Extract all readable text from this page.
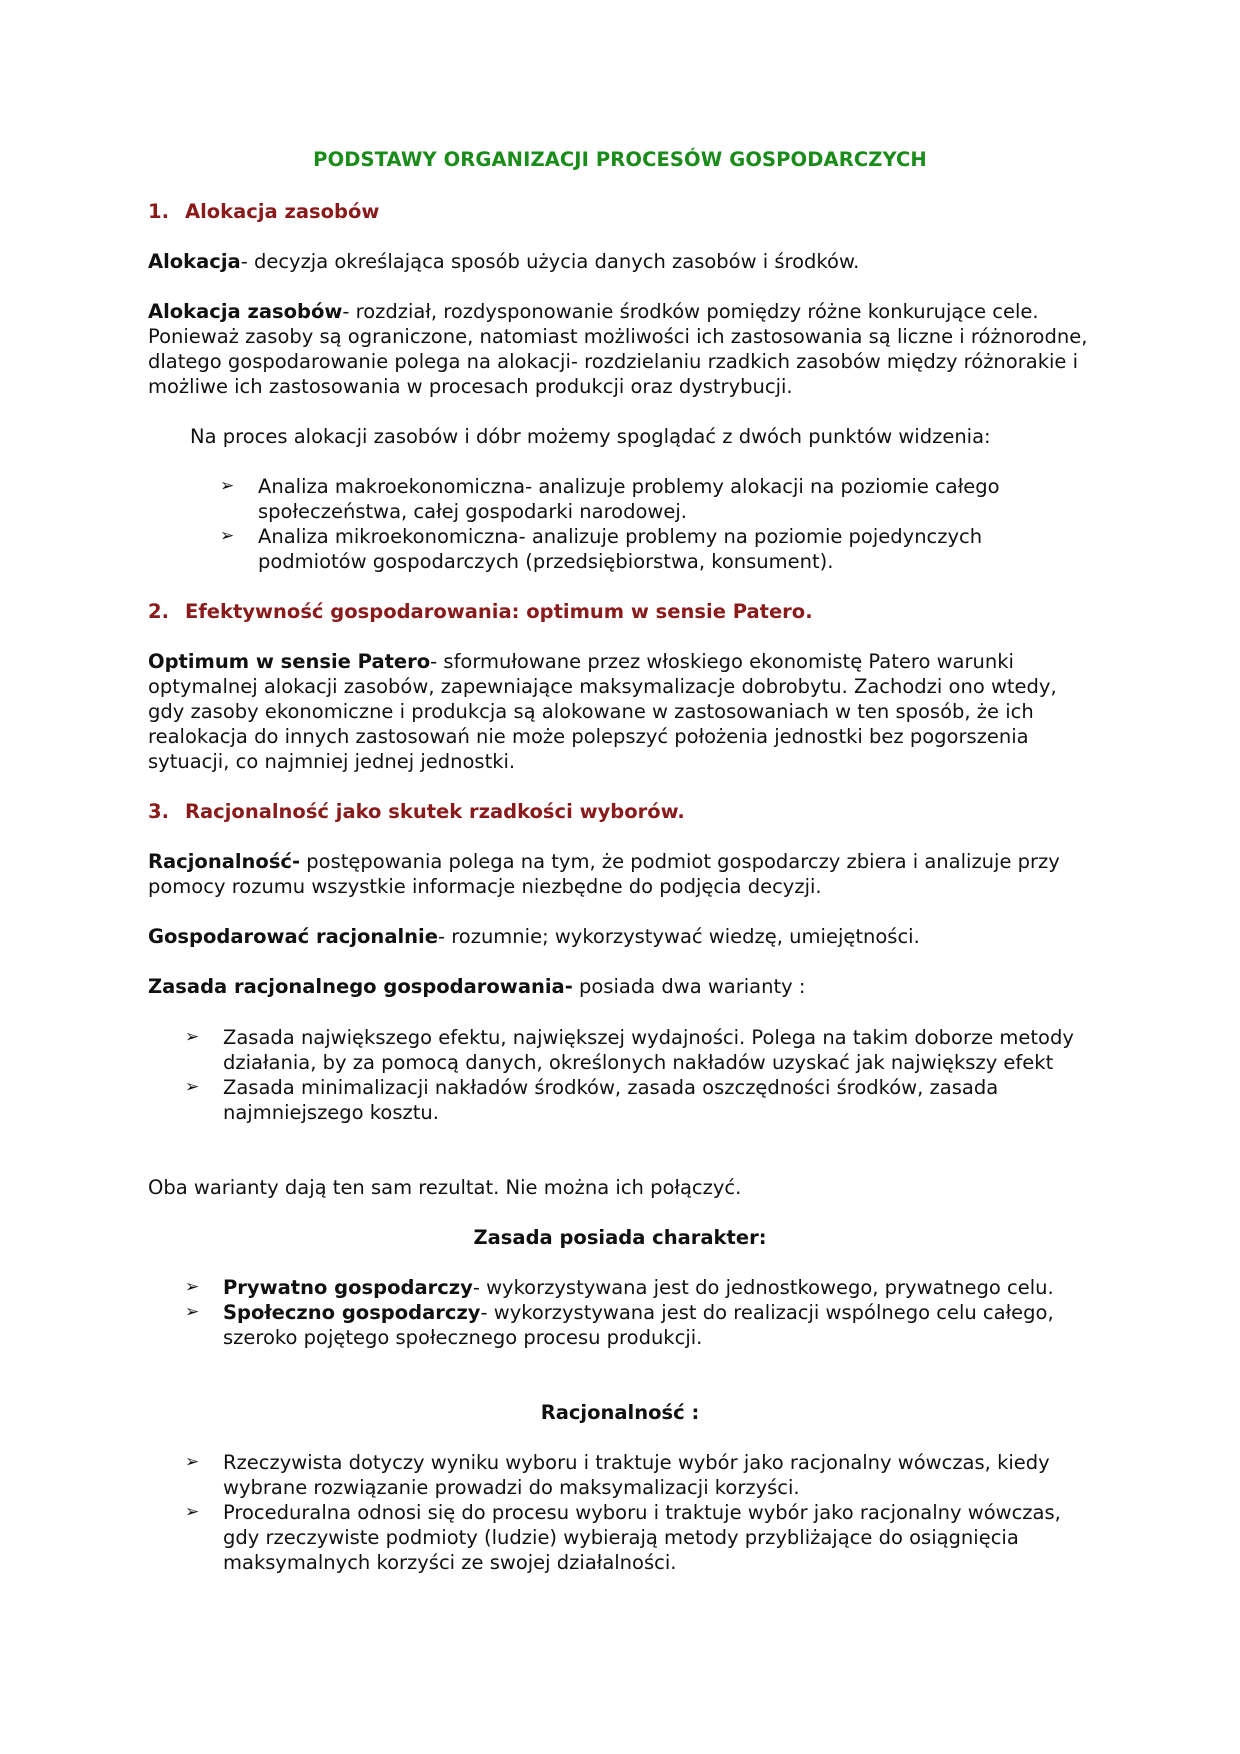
PODSTAWY ORGANIZACJI PROCESÓW GOSPODARCZYCH
1. Alokacja zasobów
Alokacja- decyzja określająca sposób użycia danych zasobów i środków.
Alokacja zasobów- rozdział, rozdysponowanie środków pomiędzy różne konkurujące cele. Ponieważ zasoby są ograniczone, natomiast możliwości ich zastosowania są liczne i różnorodne, dlatego gospodarowanie polega na alokacji- rozdzielaniu rzadkich zasobów między różnorakie i możliwe ich zastosowania w procesach produkcji oraz dystrybucji.
Na proces alokacji zasobów i dóbr możemy spoglądać z dwóch punktów widzenia:
➢ Analiza makroekonomiczna- analizuje problemy alokacji na poziomie całego społeczeństwa, całej gospodarki narodowej.
➢ Analiza mikroekonomiczna- analizuje problemy na poziomie pojedynczych podmiotów gospodarczych (przedsiębiorstwa, konsument).
2. Efektywność gospodarowania: optimum w sensie Patero.
Optimum w sensie Patero- sformułowane przez włoskiego ekonomistę Patero warunki optymalnej alokacji zasobów, zapewniające maksymalizacje dobrobytu. Zachodzi ono wtedy, gdy zasoby ekonomiczne i produkcja są alokowane w zastosowaniach w ten sposób, że ich realokacja do innych zastosowań nie może polepszyć położenia jednostki bez pogorszenia sytuacji, co najmniej jednej jednostki.
3. Racjonalność jako skutek rzadkości wyborów.
Racjonalność- postępowania polega na tym, że podmiot gospodarczy zbiera i analizuje przy pomocy rozumu wszystkie informacje niezbędne do podjęcia decyzji.
Gospodarować racjonalnie- rozumnie; wykorzystywać wiedzę, umiejętności.
Zasada racjonalnego gospodarowania- posiada dwa warianty :
➢ Zasada największego efektu, największej wydajności. Polega na takim doborze metody działania, by za pomocą danych, określonych nakładów uzyskać jak największy efekt
➢ Zasada minimalizacji nakładów środków, zasada oszczędności środków, zasada najmniejszego kosztu.
Oba warianty dają ten sam rezultat. Nie można ich połączyć.
Zasada posiada charakter:
➢ Prywatno gospodarczy- wykorzystywana jest do jednostkowego, prywatnego celu.
➢ Społeczno gospodarczy- wykorzystywana jest do realizacji wspólnego celu całego, szeroko pojętego społecznego procesu produkcji.
Racjonalność :
➢ Rzeczywista dotyczy wyniku wyboru i traktuje wybór jako racjonalny wówczas, kiedy wybrane rozwiązanie prowadzi do maksymalizacji korzyści.
➢ Proceduralna odnosi się do procesu wyboru i traktuje wybór jako racjonalny wówczas, gdy rzeczywiste podmioty (ludzie) wybierają metody przybliżające do osiągnięcia maksymalnych korzyści ze swojej działalności.
